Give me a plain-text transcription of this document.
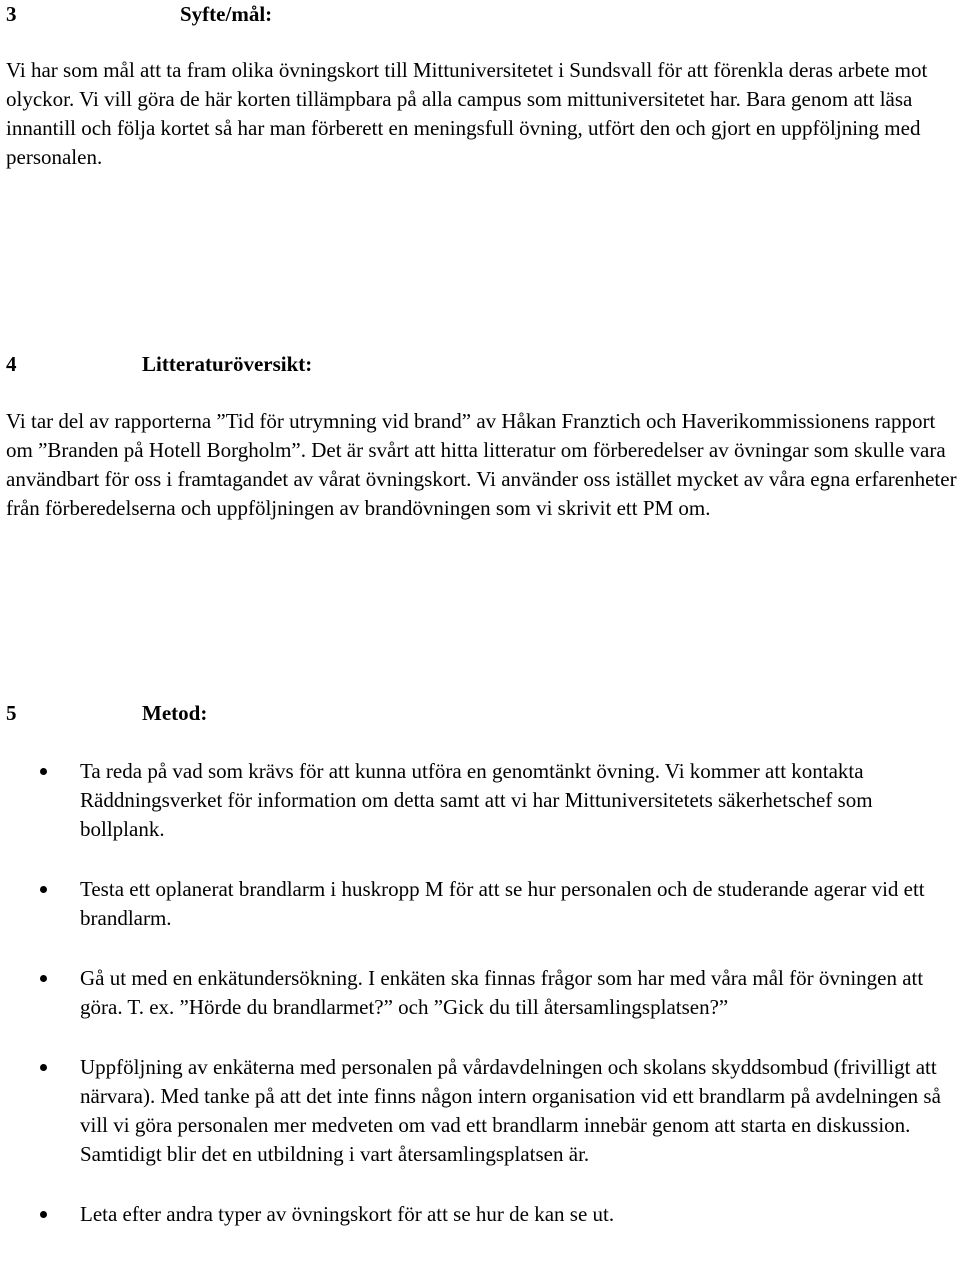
3	Syfte/mål:

Vi har som mål att ta fram olika övningskort till Mittuniversitetet i Sundsvall för att förenkla deras arbete mot olyckor. Vi vill göra de här korten tillämpbara på alla campus som mittuniversitetet har. Bara genom att läsa innantill och följa kortet så har man förberett en meningsfull övning, utfört den och gjort en uppföljning med personalen.

4	Litteraturöversikt:

Vi tar del av rapporterna ”Tid för utrymning vid brand” av Håkan Franztich och Haverikommissionens rapport om ”Branden på Hotell Borgholm”. Det är svårt att hitta litteratur om förberedelser av övningar som skulle vara användbart för oss i framtagandet av vårat övningskort. Vi använder oss istället mycket av våra egna erfarenheter från förberedelserna och uppföljningen av brandövningen som vi skrivit ett PM om.

5	Metod:
Ta reda på vad som krävs för att kunna utföra en genomtänkt övning. Vi kommer att kontakta Räddningsverket för information om detta samt att vi har Mittuniversitetets säkerhetschef som bollplank.
Testa ett oplanerat brandlarm i huskropp M för att se hur personalen och de studerande agerar vid ett brandlarm.
Gå ut med en enkätundersökning. I enkäten ska finnas frågor som har med våra mål för övningen att göra. T. ex. ”Hörde du brandlarmet?” och ”Gick du till återsamlingsplatsen?”
Uppföljning av enkäterna med personalen på vårdavdelningen och skolans skyddsombud (frivilligt att närvara). Med tanke på att det inte finns någon intern organisation vid ett brandlarm på avdelningen så vill vi göra personalen mer medveten om vad ett brandlarm innebär genom att starta en diskussion. Samtidigt blir det en utbildning i vart återsamlingsplatsen är.
Leta efter andra typer av övningskort för att se hur de kan se ut.
